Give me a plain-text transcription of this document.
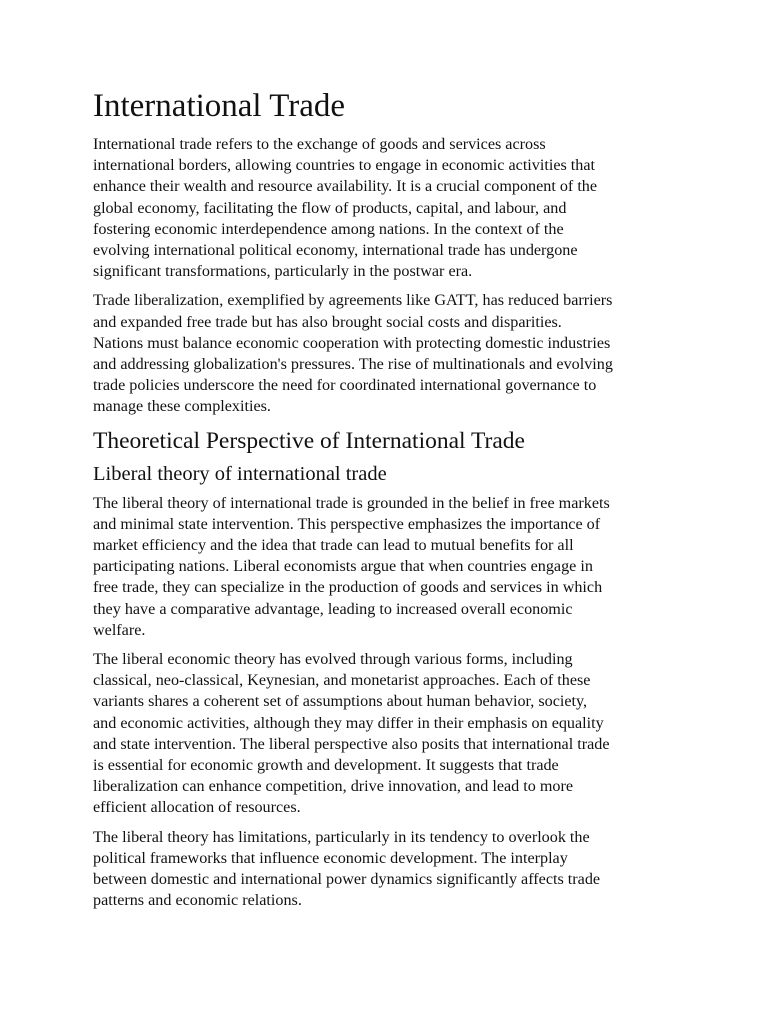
International Trade

International trade refers to the exchange of goods and services across
international borders, allowing countries to engage in economic activities that
enhance their wealth and resource availability. It is a crucial component of the
global economy, facilitating the flow of products, capital, and labour, and
fostering economic interdependence among nations. In the context of the
evolving international political economy, international trade has undergone
significant transformations, particularly in the postwar era.

Trade liberalization, exemplified by agreements like GATT, has reduced barriers
and expanded free trade but has also brought social costs and disparities.
Nations must balance economic cooperation with protecting domestic industries
and addressing globalization's pressures. The rise of multinationals and evolving
trade policies underscore the need for coordinated international governance to
manage these complexities.

Theoretical Perspective of International Trade
Liberal theory of international trade

The liberal theory of international trade is grounded in the belief in free markets
and minimal state intervention. This perspective emphasizes the importance of
market efficiency and the idea that trade can lead to mutual benefits for all
participating nations. Liberal economists argue that when countries engage in
free trade, they can specialize in the production of goods and services in which
they have a comparative advantage, leading to increased overall economic
welfare.

The liberal economic theory has evolved through various forms, including
classical, neo-classical, Keynesian, and monetarist approaches. Each of these
variants shares a coherent set of assumptions about human behavior, society,
and economic activities, although they may differ in their emphasis on equality
and state intervention. The liberal perspective also posits that international trade
is essential for economic growth and development. It suggests that trade
liberalization can enhance competition, drive innovation, and lead to more
efficient allocation of resources.

The liberal theory has limitations, particularly in its tendency to overlook the
political frameworks that influence economic development. The interplay
between domestic and international power dynamics significantly affects trade
patterns and economic relations.
